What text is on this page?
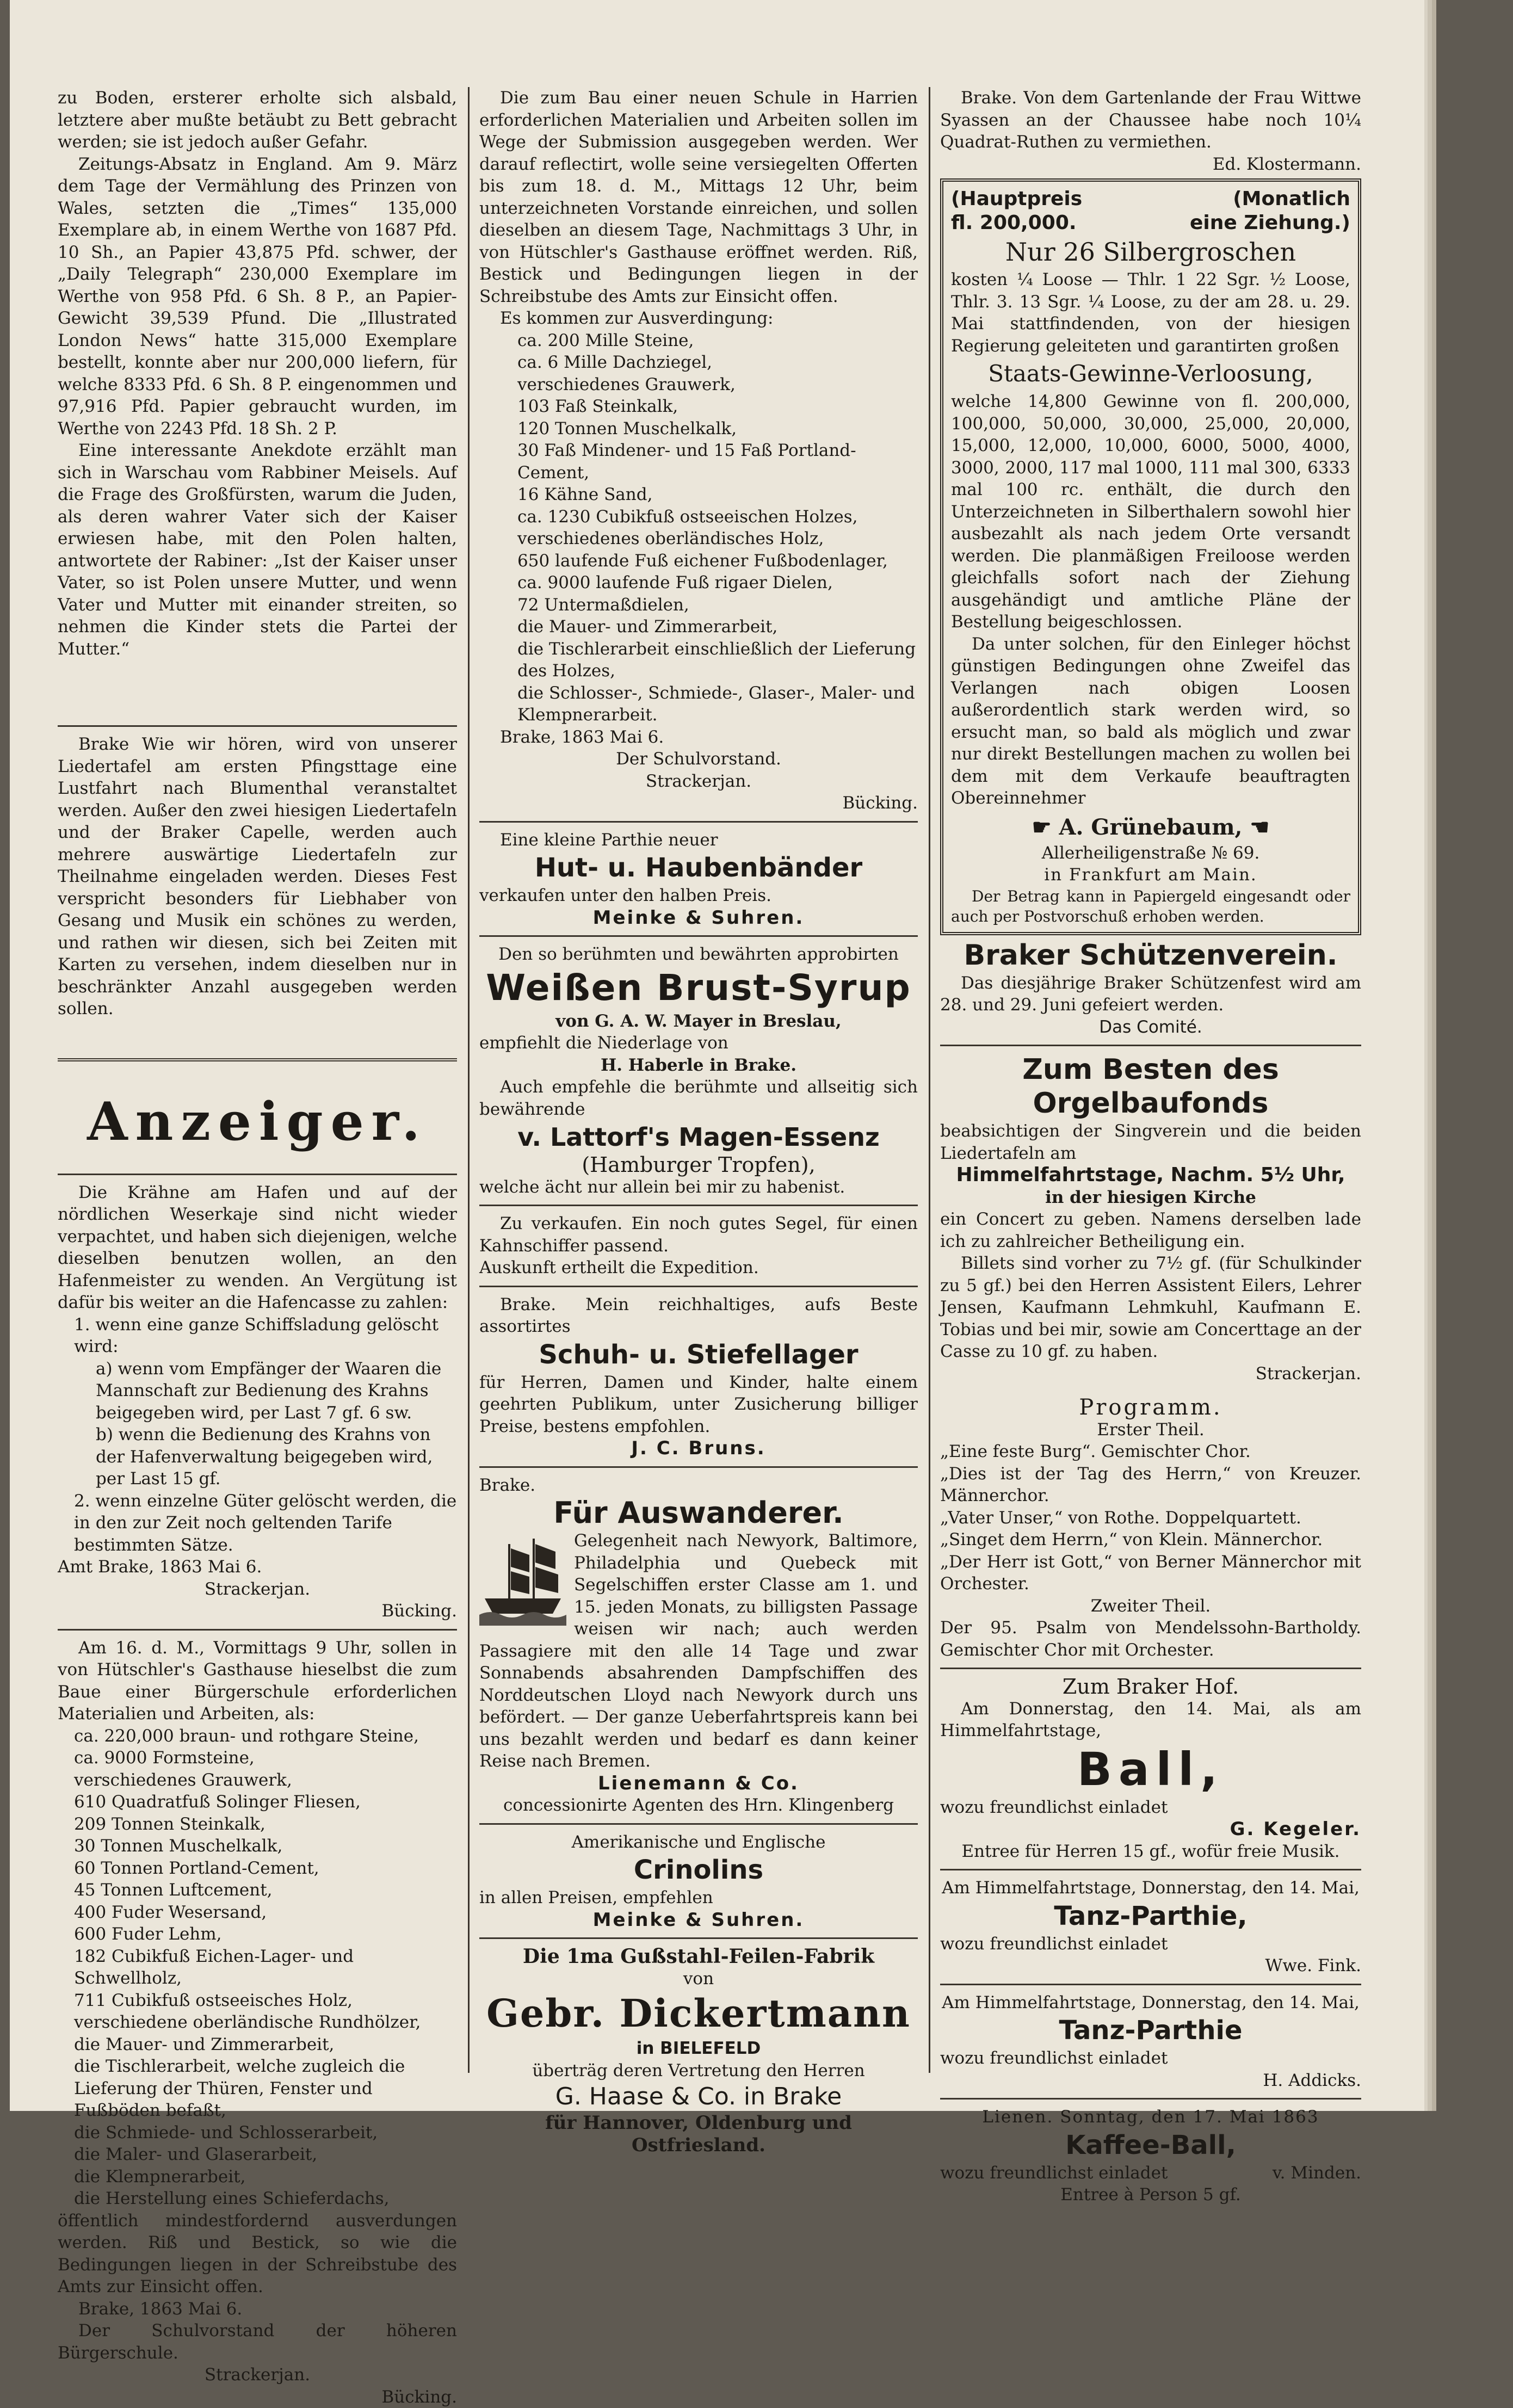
zu Boden, ersterer erholte sich alsbald, letztere aber mußte betäubt zu Bett gebracht werden; sie ist jedoch außer Gefahr.

Zeitungs-Absatz in England. Am 9. März dem Tage der Vermählung des Prinzen von Wales, setzten die „Times“ 135,000 Exemplare ab, in einem Werthe von 1687 Pfd. 10 Sh., an Papier 43,875 Pfd. schwer, der „Daily Telegraph“ 230,000 Exemplare im Werthe von 958 Pfd. 6 Sh. 8 P., an Papier-Gewicht 39,539 Pfund. Die „Illustrated London News“ hatte 315,000 Exemplare bestellt, konnte aber nur 200,000 liefern, für welche 8333 Pfd. 6 Sh. 8 P. eingenommen und 97,916 Pfd. Papier gebraucht wurden, im Werthe von 2243 Pfd. 18 Sh. 2 P.

Eine interessante Anekdote erzählt man sich in Warschau vom Rabbiner Meisels. Auf die Frage des Großfürsten, warum die Juden, als deren wahrer Vater sich der Kaiser erwiesen habe, mit den Polen halten, antwortete der Rabiner: „Ist der Kaiser unser Vater, so ist Polen unsere Mutter, und wenn Vater und Mutter mit einander streiten, so nehmen die Kinder stets die Partei der Mutter.“

Brake Wie wir hören, wird von unserer Liedertafel am ersten Pfingsttage eine Lustfahrt nach Blumenthal veranstaltet werden. Außer den zwei hiesigen Liedertafeln und der Braker Capelle, werden auch mehrere auswärtige Liedertafeln zur Theilnahme eingeladen werden. Dieses Fest verspricht besonders für Liebhaber von Gesang und Musik ein schönes zu werden, und rathen wir diesen, sich bei Zeiten mit Karten zu versehen, indem dieselben nur in beschränkter Anzahl ausgegeben werden sollen.

Anzeiger.

Die Krähne am Hafen und auf der nördlichen Weserkaje sind nicht wieder verpachtet, und haben sich diejenigen, welche dieselben benutzen wollen, an den Hafenmeister zu wenden. An Vergütung ist dafür bis weiter an die Hafencasse zu zahlen:

1. wenn eine ganze Schiffsladung gelöscht wird:
a) wenn vom Empfänger der Waaren die Mannschaft zur Bedienung des Krahns beigegeben wird, per Last 7 gf. 6 sw.
b) wenn die Bedienung des Krahns von der Hafenverwaltung beigegeben wird, per Last 15 gf.
2. wenn einzelne Güter gelöscht werden, die in den zur Zeit noch geltenden Tarife bestimmten Sätze.

Amt Brake, 1863 Mai 6.

Strackerjan.

Bücking.

Am 16. d. M., Vormittags 9 Uhr, sollen in von Hütschler's Gasthause hieselbst die zum Baue einer Bürgerschule erforderlichen Materialien und Arbeiten, als:

ca. 220,000 braun- und rothgare Steine,
ca. 9000 Formsteine,
verschiedenes Grauwerk,
610 Quadratfuß Solinger Fliesen,
209 Tonnen Steinkalk,
30 Tonnen Muschelkalk,
60 Tonnen Portland-Cement,
45 Tonnen Luftcement,
400 Fuder Wesersand,
600 Fuder Lehm,
182 Cubikfuß Eichen-Lager- und Schwellholz,
711 Cubikfuß ostseeisches Holz,
verschiedene oberländische Rundhölzer,
die Mauer- und Zimmerarbeit,
die Tischlerarbeit, welche zugleich die Lieferung der Thüren, Fenster und Fußböden befaßt,
die Schmiede- und Schlosserarbeit,
die Maler- und Glaserarbeit,
die Klempnerarbeit,
die Herstellung eines Schieferdachs,

öffentlich mindestfordernd ausverdungen werden. Riß und Bestick, so wie die Bedingungen liegen in der Schreibstube des Amts zur Einsicht offen.

Brake, 1863 Mai 6.

Der Schulvorstand der höheren Bürgerschule.

Strackerjan.

Bücking.

Die zum Bau einer neuen Schule in Harrien erforderlichen Materialien und Arbeiten sollen im Wege der Submission ausgegeben werden. Wer darauf reflectirt, wolle seine versiegelten Offerten bis zum 18. d. M., Mittags 12 Uhr, beim unterzeichneten Vorstande einreichen, und sollen dieselben an diesem Tage, Nachmittags 3 Uhr, in von Hütschler's Gasthause eröffnet werden. Riß, Bestick und Bedingungen liegen in der Schreibstube des Amts zur Einsicht offen.

Es kommen zur Ausverdingung:

ca. 200 Mille Steine,
ca. 6 Mille Dachziegel,
verschiedenes Grauwerk,
103 Faß Steinkalk,
120 Tonnen Muschelkalk,
30 Faß Mindener- und 15 Faß Portland-Cement,
16 Kähne Sand,
ca. 1230 Cubikfuß ostseeischen Holzes,
verschiedenes oberländisches Holz,
650 laufende Fuß eichener Fußbodenlager,
ca. 9000 laufende Fuß rigaer Dielen,
72 Untermaßdielen,
die Mauer- und Zimmerarbeit,
die Tischlerarbeit einschließlich der Lieferung des Holzes,
die Schlosser-, Schmiede-, Glaser-, Maler- und Klempnerarbeit.

Brake, 1863 Mai 6.

Der Schulvorstand.

Strackerjan.

Bücking.

Eine kleine Parthie neuer

Hut- u. Haubenbänder

verkaufen unter den halben Preis.

Meinke & Suhren.

Den so berühmten und bewährten approbirten

Weißen Brust-Syrup

von G. A. W. Mayer in Breslau,

empfiehlt die Niederlage von

H. Haberle in Brake.

Auch empfehle die berühmte und allseitig sich bewährende

v. Lattorf's Magen-Essenz

(Hamburger Tropfen),

welche ächt nur allein bei mir zu habenist.

Zu verkaufen. Ein noch gutes Segel, für einen Kahnschiffer passend.

Auskunft ertheilt die Expedition.

Brake. Mein reichhaltiges, aufs Beste assortirtes

Schuh- u. Stiefellager

für Herren, Damen und Kinder, halte einem geehrten Publikum, unter Zusicherung billiger Preise, bestens empfohlen.

J. C. Bruns.

Brake.

Für Auswanderer.

Gelegenheit nach Newyork, Baltimore, Philadelphia und Quebeck mit Segelschiffen erster Classe am 1. und 15. jeden Monats, zu billigsten Passage weisen wir nach; auch werden Passagiere mit den alle 14 Tage und zwar Sonnabends absahrenden Dampfschiffen des Norddeutschen Lloyd nach Newyork durch uns befördert. — Der ganze Ueberfahrtspreis kann bei uns bezahlt werden und bedarf es dann keiner Reise nach Bremen.

Lienemann & Co.

concessionirte Agenten des Hrn. Klingenberg

Amerikanische und Englische

Crinolins

in allen Preisen, empfehlen

Meinke & Suhren.

Die 1ma Gußstahl-Feilen-Fabrik

von

Gebr. Dickertmann

in BIELEFELD

überträg deren Vertretung den Herren

G. Haase & Co. in Brake

für Hannover, Oldenburg und Ostfriesland.

Brake. Von dem Gartenlande der Frau Wittwe Syassen an der Chaussee habe noch 10¼ Quadrat-Ruthen zu vermiethen.

Ed. Klostermann.

(Hauptpreis
fl. 200,000.
(Monatlich
eine Ziehung.)
Nur 26 Silbergroschen

kosten ¼ Loose — Thlr. 1 22 Sgr. ½ Loose, Thlr. 3. 13 Sgr. ¼ Loose, zu der am 28. u. 29. Mai stattfindenden, von der hiesigen Regierung geleiteten und garantirten großen

Staats-Gewinne-Verloosung,

welche 14,800 Gewinne von fl. 200,000, 100,000, 50,000, 30,000, 25,000, 20,000, 15,000, 12,000, 10,000, 6000, 5000, 4000, 3000, 2000, 117 mal 1000, 111 mal 300, 6333 mal 100 rc. enthält, die durch den Unterzeichneten in Silberthalern sowohl hier ausbezahlt als nach jedem Orte versandt werden. Die planmäßigen Freiloose werden gleichfalls sofort nach der Ziehung ausgehändigt und amtliche Pläne der Bestellung beigeschlossen.

Da unter solchen, für den Einleger höchst günstigen Bedingungen ohne Zweifel das Verlangen nach obigen Loosen außerordentlich stark werden wird, so ersucht man, so bald als möglich und zwar nur direkt Bestellungen machen zu wollen bei dem mit dem Verkaufe beauftragten Obereinnehmer

☛ A. Grünebaum, ☚

Allerheiligenstraße № 69.

in Frankfurt am Main.

Der Betrag kann in Papiergeld eingesandt oder auch per Postvorschuß erhoben werden.

Braker Schützenverein.

Das diesjährige Braker Schützenfest wird am 28. und 29. Juni gefeiert werden.

Das Comité.

Zum Besten des Orgelbaufonds

beabsichtigen der Singverein und die beiden Liedertafeln am

Himmelfahrtstage, Nachm. 5½ Uhr,

in der hiesigen Kirche

ein Concert zu geben. Namens derselben lade ich zu zahlreicher Betheiligung ein.

Billets sind vorher zu 7½ gf. (für Schulkinder zu 5 gf.) bei den Herren Assistent Eilers, Lehrer Jensen, Kaufmann Lehmkuhl, Kaufmann E. Tobias und bei mir, sowie am Concerttage an der Casse zu 10 gf. zu haben.

Strackerjan.

Programm.

Erster Theil.

„Eine feste Burg“. Gemischter Chor.

„Dies ist der Tag des Herrn,“ von Kreuzer. Männerchor.

„Vater Unser,“ von Rothe. Doppelquartett.

„Singet dem Herrn,“ von Klein. Männerchor.

„Der Herr ist Gott,“ von Berner Männerchor mit Orchester.

Zweiter Theil.

Der 95. Psalm von Mendelssohn-Bartholdy. Gemischter Chor mit Orchester.

Zum Braker Hof.

Am Donnerstag, den 14. Mai, als am Himmelfahrtstage,

Ball,

wozu freundlichst einladet

G. Kegeler.

Entree für Herren 15 gf., wofür freie Musik.

Am Himmelfahrtstage, Donnerstag, den 14. Mai,

Tanz-Parthie,

wozu freundlichst einladet

Wwe. Fink.

Am Himmelfahrtstage, Donnerstag, den 14. Mai,

Tanz-Parthie

wozu freundlichst einladet

H. Addicks.

Lienen. Sonntag, den 17. Mai 1863

Kaffee-Ball,
wozu freundlichst einladet	v. Minden.

Entree à Person 5 gf.
